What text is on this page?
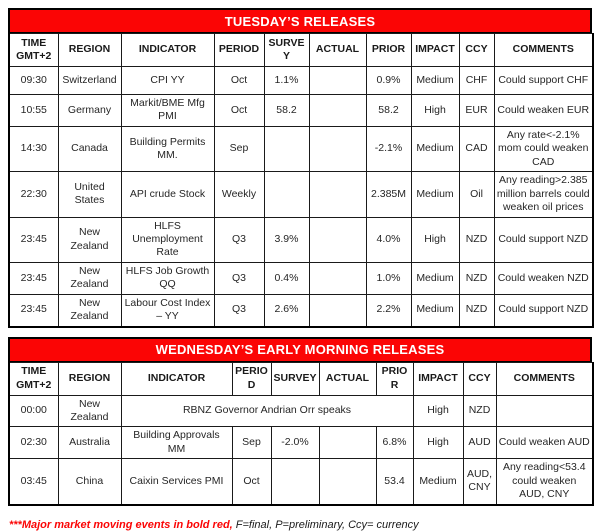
TUESDAY’S RELEASES
TIME GMT+2	REGION	INDICATOR	PERIOD	SURVEY	ACTUAL	PRIOR	IMPACT	CCY	COMMENTS
09:30	Switzerland	CPI YY	Oct	1.1%		0.9%	Medium	CHF	Could support CHF
10:55	Germany	Markit/BME Mfg PMI	Oct	58.2		58.2	High	EUR	Could weaken EUR
14:30	Canada	Building Permits MM.	Sep			-2.1%	Medium	CAD	Any rate<-2.1% mom could weaken CAD
22:30	United States	API crude Stock	Weekly			2.385M	Medium	Oil	Any reading>2.385 million barrels could weaken oil prices
23:45	New Zealand	HLFS Unemployment Rate	Q3	3.9%		4.0%	High	NZD	Could support NZD
23:45	New Zealand	HLFS Job Growth QQ	Q3	0.4%		1.0%	Medium	NZD	Could weaken NZD
23:45	New Zealand	Labour Cost Index – YY	Q3	2.6%		2.2%	Medium	NZD	Could support NZD
WEDNESDAY’S EARLY MORNING RELEASES
TIME GMT+2	REGION	INDICATOR	PERIOD	SURVEY	ACTUAL	PRIOR	IMPACT	CCY	COMMENTS
00:00	New Zealand	RBNZ Governor Andrian Orr speaks					High	NZD	
02:30	Australia	Building Approvals MM	Sep	-2.0%		6.8%	High	AUD	Could weaken AUD
03:45	China	Caixin Services PMI	Oct			53.4	Medium	AUD, CNY	Any reading<53.4 could weaken AUD, CNY
***Major market moving events in bold red, F=final, P=preliminary, Ccy= currency
